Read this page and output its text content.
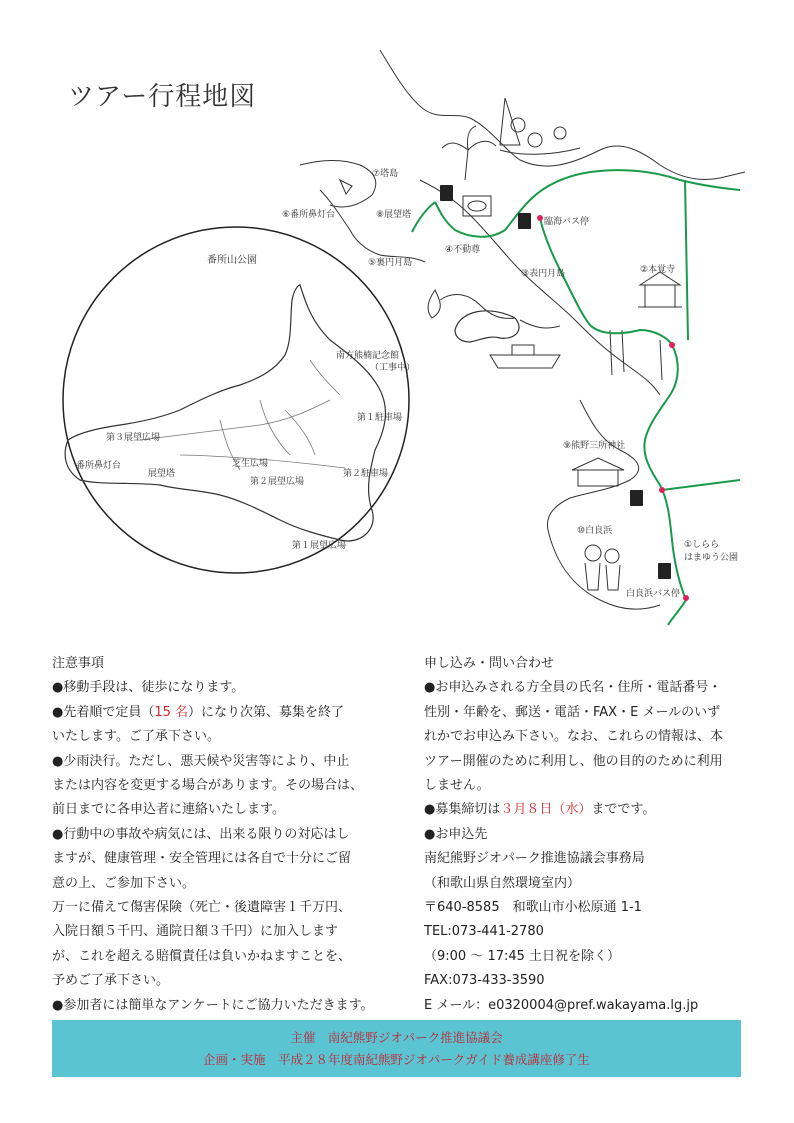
ツアー行程地図
番所山公園
南方熊楠記念館
（工事中）
第１駐車場
第２駐車場
第３展望広場
第２展望広場
第１展望広場
番所鼻灯台
展望塔
芝生広場
⑦塔島
⑥番所鼻灯台	⑧展望塔
④不動尊
⑤裏円月島
③表円月島
臨海バス停
②本覚寺
⑨熊野三所神社
⑩白良浜
①しらら
はまゆう公園
白良浜バス停

注意事項

●移動手段は、徒歩になります。

●先着順で定員（15 名）になり次第、募集を終了

いたします。ご了承下さい。

●少雨決行。ただし、悪天候や災害等により、中止

または内容を変更する場合があります。その場合は、

前日までに各申込者に連絡いたします。

●行動中の事故や病気には、出来る限りの対応はし

ますが、健康管理・安全管理には各自で十分にご留

意の上、ご参加下さい。

万一に備えて傷害保険（死亡・後遺障害１千万円、

入院日額５千円、通院日額３千円）に加入します

が、これを超える賠償責任は負いかねますことを、

予めご了承下さい。

●参加者には簡単なアンケートにご協力いただきます。

申し込み・問い合わせ

●お申込みされる方全員の氏名・住所・電話番号・

性別・年齢を、郵送・電話・FAX・E メールのいず

れかでお申込み下さい。なお、これらの情報は、本

ツアー開催のために利用し、他の目的のために利用

しません。

●募集締切は３月８日（水）までです。

●お申込先

南紀熊野ジオパーク推進協議会事務局

（和歌山県自然環境室内）

〒640-8585　和歌山市小松原通 1-1

TEL:073-441-2780

（9:00 ～ 17:45 土日祝を除く）

FAX:073-433-3590

E メール：e0320004@pref.wakayama.lg.jp

主催　南紀熊野ジオパーク推進協議会
企画・実施　平成２８年度南紀熊野ジオパークガイド養成講座修了生
